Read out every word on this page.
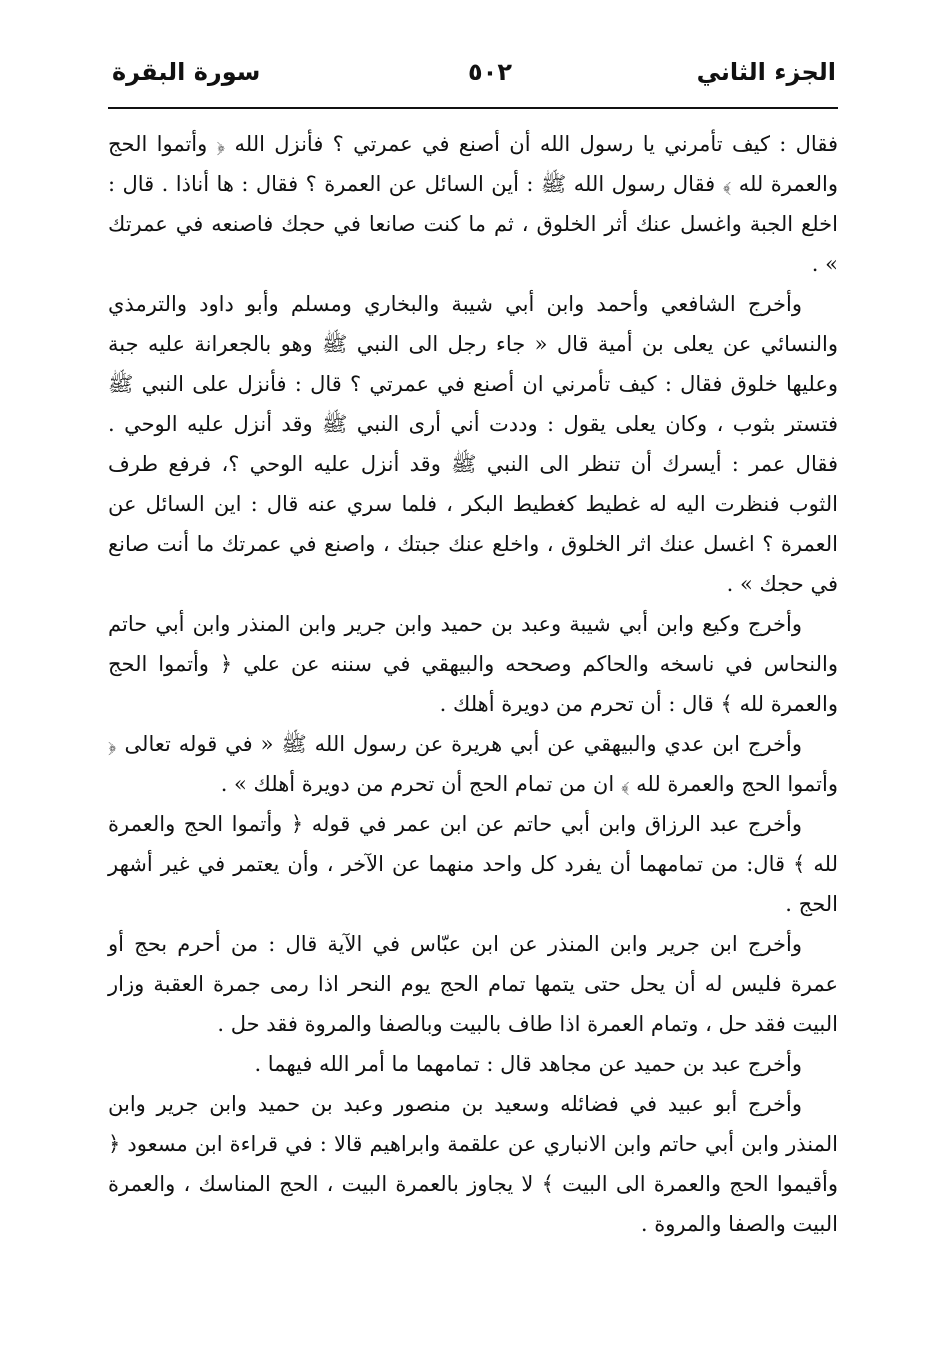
الجزء الثاني
٥٠٢
سورة البقرة

فقال : كيف تأمرني يا رسول الله أن أصنع في عمرتي ؟ فأنزل الله ﴿ وأتموا الحج والعمرة لله ﴾ فقال رسول الله ﷺ : أين السائل عن العمرة ؟ فقال : ها أناذا . قال : اخلع الجبة واغسل عنك أثر الخلوق ، ثم ما كنت صانعا في حجك فاصنعه في عمرتك » .

وأخرج الشافعي وأحمد وابن أبي شيبة والبخاري ومسلم وأبو داود والترمذي والنسائي عن يعلى بن أمية قال « جاء رجل الى النبي ﷺ وهو بالجعرانة عليه جبة وعليها خلوق فقال : كيف تأمرني ان أصنع في عمرتي ؟ قال : فأنزل على النبي ﷺ فتستر بثوب ، وكان يعلى يقول : وددت أني أرى النبي ﷺ وقد أنزل عليه الوحي . فقال عمر : أيسرك أن تنظر الى النبي ﷺ وقد أنزل عليه الوحي ؟، فرفع طرف الثوب فنظرت اليه له غطيط كغطيط البكر ، فلما سري عنه قال : اين السائل عن العمرة ؟ اغسل عنك اثر الخلوق ، واخلع عنك جبتك ، واصنع في عمرتك ما أنت صانع في حجك » .

وأخرج وكيع وابن أبي شيبة وعبد بن حميد وابن جرير وابن المنذر وابن أبي حاتم والنحاس في ناسخه والحاكم وصححه والبيهقي في سننه عن علي ﴿ وأتموا الحج والعمرة لله ﴾ قال : أن تحرم من دويرة أهلك .

وأخرج ابن عدي والبيهقي عن أبي هريرة عن رسول الله ﷺ « في قوله تعالى ﴿ وأتموا الحج والعمرة لله ﴾ ان من تمام الحج أن تحرم من دويرة أهلك » .

وأخرج عبد الرزاق وابن أبي حاتم عن ابن عمر في قوله ﴿ وأتموا الحج والعمرة لله ﴾ قال: من تمامهما أن يفرد كل واحد منهما عن الآخر ، وأن يعتمر في غير أشهر الحج .

وأخرج ابن جرير وابن المنذر عن ابن عبّاس في الآية قال : من أحرم بحج أو عمرة فليس له أن يحل حتى يتمها تمام الحج يوم النحر اذا رمى جمرة العقبة وزار البيت فقد حل ، وتمام العمرة اذا طاف بالبيت وبالصفا والمروة فقد حل .

وأخرج عبد بن حميد عن مجاهد قال : تمامهما ما أمر الله فيهما .

وأخرج أبو عبيد في فضائله وسعيد بن منصور وعبد بن حميد وابن جرير وابن المنذر وابن أبي حاتم وابن الانباري عن علقمة وابراهيم قالا : في قراءة ابن مسعود ﴿ وأقيموا الحج والعمرة الى البيت ﴾ لا يجاوز بالعمرة البيت ، الحج المناسك ، والعمرة البيت والصفا والمروة .
